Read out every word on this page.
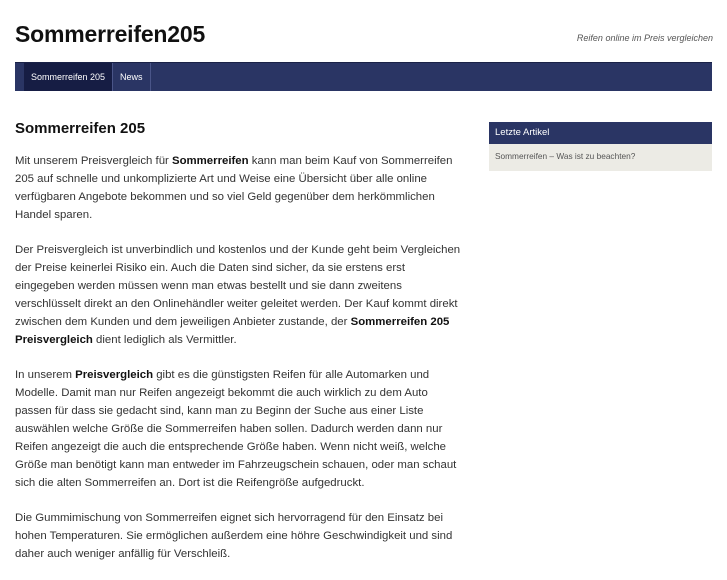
Sommerreifen205	Reifen online im Preis vergleichen
Sommerreifen 205	News
Sommerreifen 205

Mit unserem Preisvergleich für Sommerreifen kann man beim Kauf von Sommerreifen 205 auf schnelle und unkomplizierte Art und Weise eine Übersicht über alle online verfügbaren Angebote bekommen und so viel Geld gegenüber dem herkömmlichen Handel sparen.

Der Preisvergleich ist unverbindlich und kostenlos und der Kunde geht beim Vergleichen der Preise keinerlei Risiko ein. Auch die Daten sind sicher, da sie erstens erst eingegeben werden müssen wenn man etwas bestellt und sie dann zweitens verschlüsselt direkt an den Onlinehändler weiter geleitet werden. Der Kauf kommt direkt zwischen dem Kunden und dem jeweiligen Anbieter zustande, der Sommerreifen 205 Preisvergleich dient lediglich als Vermittler.

In unserem Preisvergleich gibt es die günstigsten Reifen für alle Automarken und Modelle. Damit man nur Reifen angezeigt bekommt die auch wirklich zu dem Auto passen für dass sie gedacht sind, kann man zu Beginn der Suche aus einer Liste auswählen welche Größe die Sommerreifen haben sollen. Dadurch werden dann nur Reifen angezeigt die auch die entsprechende Größe haben. Wenn nicht weiß, welche Größe man benötigt kann man entweder im Fahrzeugschein schauen, oder man schaut sich die alten Sommerreifen an. Dort ist die Reifengröße aufgedruckt.

Die Gummimischung von Sommerreifen eignet sich hervorragend für den Einsatz bei hohen Temperaturen. Sie ermöglichen außerdem eine höhre Geschwindigkeit und sind daher auch weniger anfällig für Verschleiß.

Letzte Artikel
Sommerreifen – Was ist zu beachten?
